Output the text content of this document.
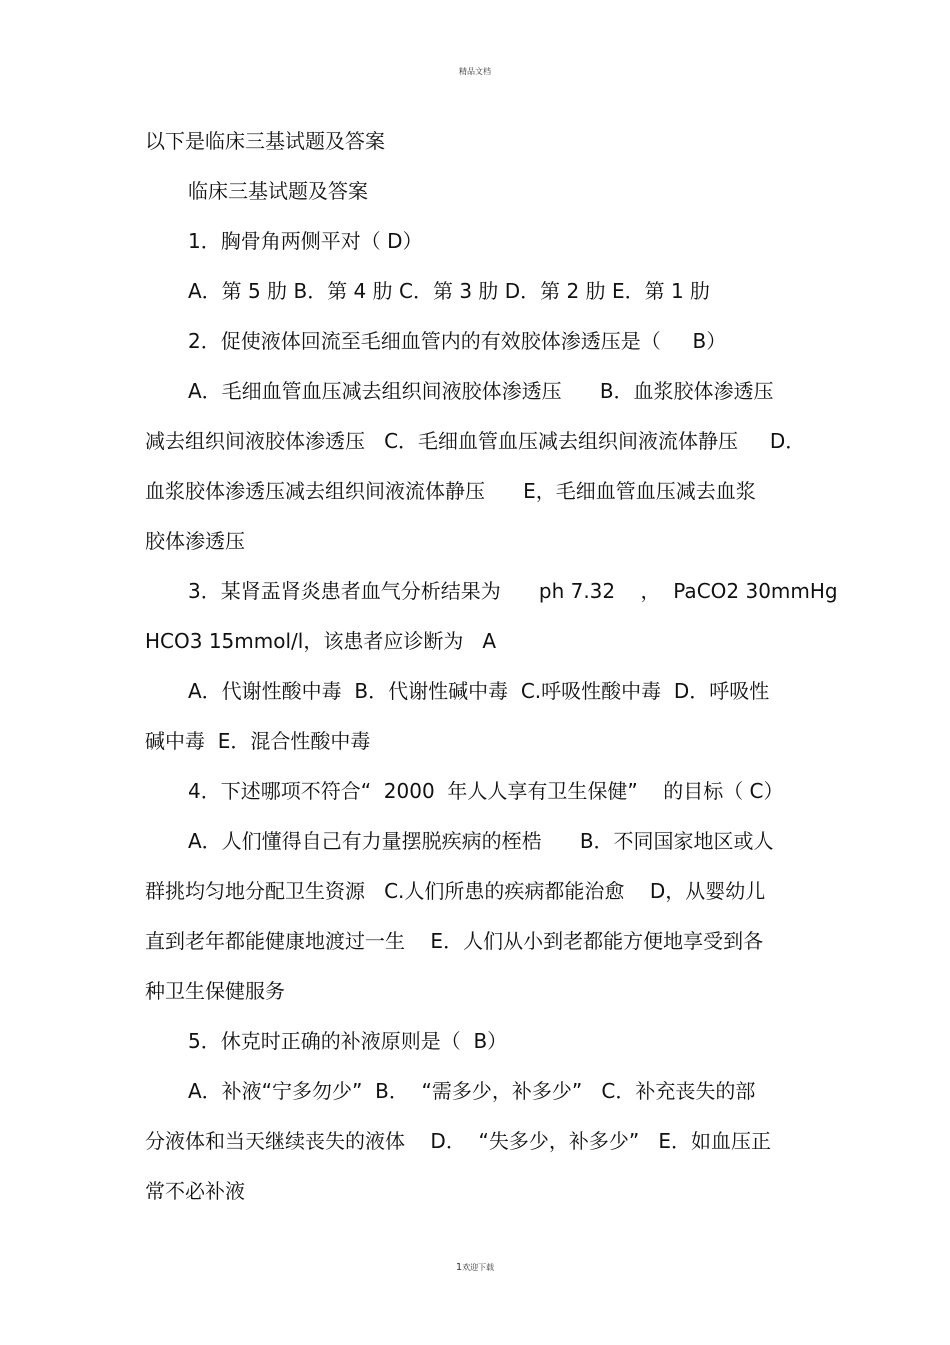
精品文档
以下是临床三基试题及答案
临床三基试题及答案
1．胸骨角两侧平对（ D）
A．第 5 肋 B．第 4 肋 C．第 3 肋 D．第 2 肋 E．第 1 肋
2．促使液体回流至毛细血管内的有效胶体渗透压是（     B）
A．毛细血管血压减去组织间液胶体渗透压      B．血浆胶体渗透压
减去组织间液胶体渗透压   C．毛细血管血压减去组织间液流体静压     D．
血浆胶体渗透压减去组织间液流体静压      E，毛细血管血压减去血浆
胶体渗透压
3．某肾盂肾炎患者血气分析结果为      ph 7.32    ，  PaCO2 30mmHg
HCO3 15mmol/l，该患者应诊断为   A
A．代谢性酸中毒  B．代谢性碱中毒  C.呼吸性酸中毒  D．呼吸性
碱中毒  E．混合性酸中毒
4．下述哪项不符合“  2000  年人人享有卫生保健”    的目标（ C）
A．人们懂得自己有力量摆脱疾病的桎梏      B．不同国家地区或人
群挑均匀地分配卫生资源   C.人们所患的疾病都能治愈    D，从婴幼儿
直到老年都能健康地渡过一生    E．人们从小到老都能方便地享受到各
种卫生保健服务
5．休克时正确的补液原则是（  B）
A．补液“宁多勿少”  B．  “需多少，补多少”   C．补充丧失的部
分液体和当天继续丧失的液体    D．  “失多少，补多少”   E．如血压正
常不必补液
1欢迎下载
